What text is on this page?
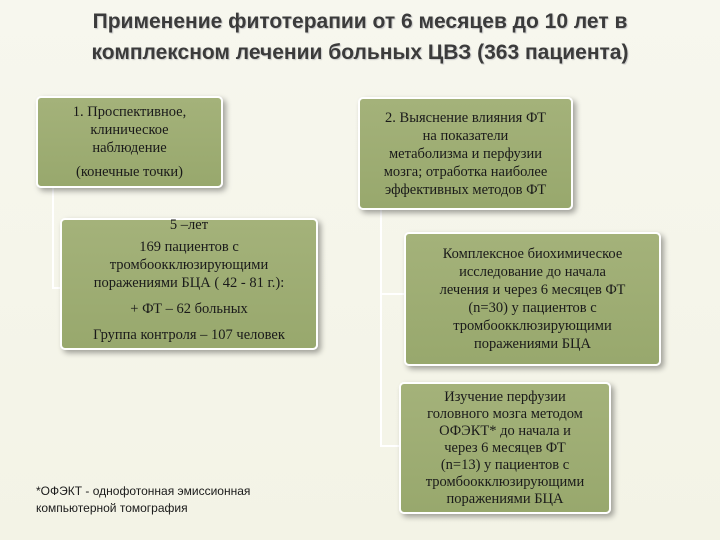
Применение фитотерапии от 6 месяцев до 10 лет в
комплексном лечении больных ЦВЗ (363 пациента)
1. Проспективное,
клиническое
наблюдение
(конечные точки)
2. Выяснение влияния ФТ
на показатели
метаболизма и перфузии
мозга; отработка наиболее
эффективных методов ФТ
5 –лет
169 пациентов с
тромбоокклюзирующими
поражениями БЦА ( 42 - 81 г.):
+ ФТ – 62 больных
Группа контроля – 107 человек
Комплексное биохимическое
исследование до начала
лечения и через 6 месяцев ФТ
(n=30) у пациентов с
тромбоокклюзирующими
поражениями БЦА
Изучение перфузии
головного мозга методом
ОФЭКТ* до начала и
через 6 месяцев ФТ
(n=13) у пациентов с
тромбоокклюзирующими
поражениями БЦА
*ОФЭКТ - однофотонная эмиссионная
компьютерной томография
